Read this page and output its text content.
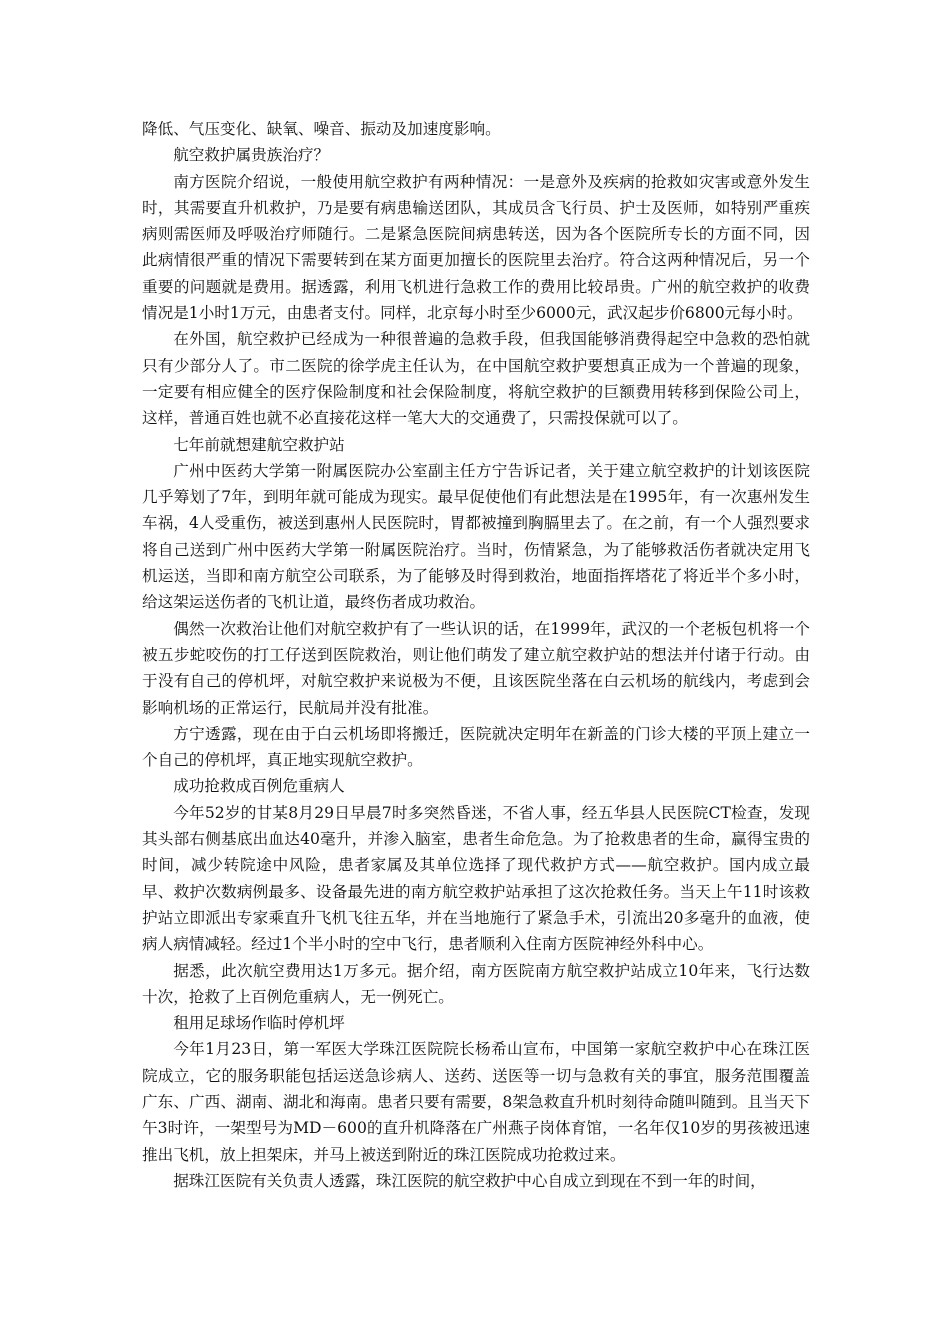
降低、气压变化、缺氧、噪音、振动及加速度影响。

航空救护属贵族治疗？

南方医院介绍说，一般使用航空救护有两种情况：一是意外及疾病的抢救如灾害或意外发生时，其需要直升机救护，乃是要有病患输送团队，其成员含飞行员、护士及医师，如特别严重疾病则需医师及呼吸治疗师随行。二是紧急医院间病患转送，因为各个医院所专长的方面不同，因此病情很严重的情况下需要转到在某方面更加擅长的医院里去治疗。符合这两种情况后，另一个重要的问题就是费用。据透露，利用飞机进行急救工作的费用比较昂贵。广州的航空救护的收费情况是1小时1万元，由患者支付。同样，北京每小时至少6000元，武汉起步价6800元每小时。

在外国，航空救护已经成为一种很普遍的急救手段，但我国能够消费得起空中急救的恐怕就只有少部分人了。市二医院的徐学虎主任认为，在中国航空救护要想真正成为一个普遍的现象，一定要有相应健全的医疗保险制度和社会保险制度，将航空救护的巨额费用转移到保险公司上，这样，普通百姓也就不必直接花这样一笔大大的交通费了，只需投保就可以了。

七年前就想建航空救护站

广州中医药大学第一附属医院办公室副主任方宁告诉记者，关于建立航空救护的计划该医院几乎筹划了7年，到明年就可能成为现实。最早促使他们有此想法是在1995年，有一次惠州发生车祸，4人受重伤，被送到惠州人民医院时，胃都被撞到胸膈里去了。在之前，有一个人强烈要求将自己送到广州中医药大学第一附属医院治疗。当时，伤情紧急，为了能够救活伤者就决定用飞机运送，当即和南方航空公司联系，为了能够及时得到救治，地面指挥塔花了将近半个多小时，给这架运送伤者的飞机让道，最终伤者成功救治。

偶然一次救治让他们对航空救护有了一些认识的话，在1999年，武汉的一个老板包机将一个被五步蛇咬伤的打工仔送到医院救治，则让他们萌发了建立航空救护站的想法并付诸于行动。由于没有自己的停机坪，对航空救护来说极为不便，且该医院坐落在白云机场的航线内，考虑到会影响机场的正常运行，民航局并没有批准。

方宁透露，现在由于白云机场即将搬迁，医院就决定明年在新盖的门诊大楼的平顶上建立一个自己的停机坪，真正地实现航空救护。

成功抢救成百例危重病人

今年52岁的甘某8月29日早晨7时多突然昏迷，不省人事，经五华县人民医院CT检查，发现其头部右侧基底出血达40毫升，并渗入脑室，患者生命危急。为了抢救患者的生命，赢得宝贵的时间，减少转院途中风险，患者家属及其单位选择了现代救护方式——航空救护。国内成立最早、救护次数病例最多、设备最先进的南方航空救护站承担了这次抢救任务。当天上午11时该救护站立即派出专家乘直升飞机飞往五华，并在当地施行了紧急手术，引流出20多毫升的血液，使病人病情减轻。经过1个半小时的空中飞行，患者顺利入住南方医院神经外科中心。

据悉，此次航空费用达1万多元。据介绍，南方医院南方航空救护站成立10年来，飞行达数十次，抢救了上百例危重病人，无一例死亡。

租用足球场作临时停机坪

今年1月23日，第一军医大学珠江医院院长杨希山宣布，中国第一家航空救护中心在珠江医院成立，它的服务职能包括运送急诊病人、送药、送医等一切与急救有关的事宜，服务范围覆盖广东、广西、湖南、湖北和海南。患者只要有需要，8架急救直升机时刻待命随叫随到。且当天下午3时许，一架型号为MD－600的直升机降落在广州燕子岗体育馆，一名年仅10岁的男孩被迅速推出飞机，放上担架床，并马上被送到附近的珠江医院成功抢救过来。

据珠江医院有关负责人透露，珠江医院的航空救护中心自成立到现在不到一年的时间，
